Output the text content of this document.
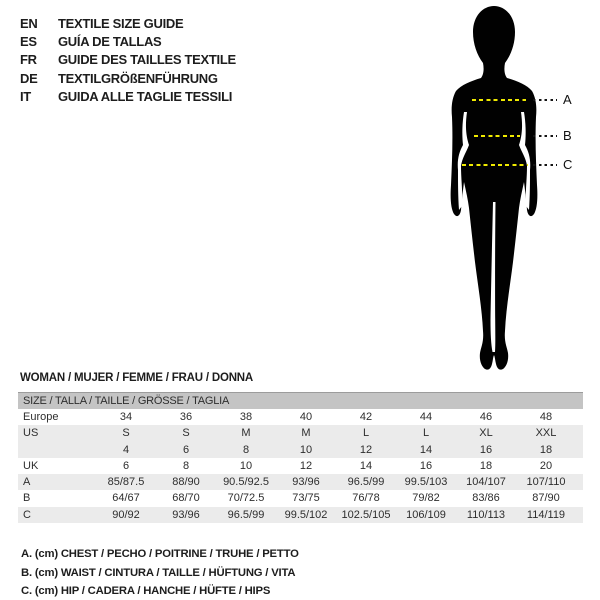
EN	TEXTILE SIZE GUIDE
ES	GUÍA DE TALLAS
FR	GUIDE DES TAILLES TEXTILE
DE	TEXTILGRÖßENFÜHRUNG
IT	GUIDA ALLE TAGLIE TESSILI	A
B
C
WOMAN / MUJER / FEMME / FRAU / DONNA
SIZE / TALLA / TAILLE / GRÖSSE / TAGLIA									
Europe	34	36	38	40	42	44	46	48	
US	S	S	M	M	L	L	XL	XXL	
	4	6	8	10	12	14	16	18	
UK	6	8	10	12	14	16	18	20	
A	85/87.5	88/90	90.5/92.5	93/96	96.5/99	99.5/103	104/107	107/110	
B	64/67	68/70	70/72.5	73/75	76/78	79/82	83/86	87/90	
C	90/92	93/96	96.5/99	99.5/102	102.5/105	106/109	110/113	114/119	
A. (cm) CHEST / PECHO / POITRINE / TRUHE / PETTO
B. (cm) WAIST / CINTURA / TAILLE / HÜFTUNG / VITA
C. (cm) HIP / CADERA / HANCHE / HÜFTE / HIPS
